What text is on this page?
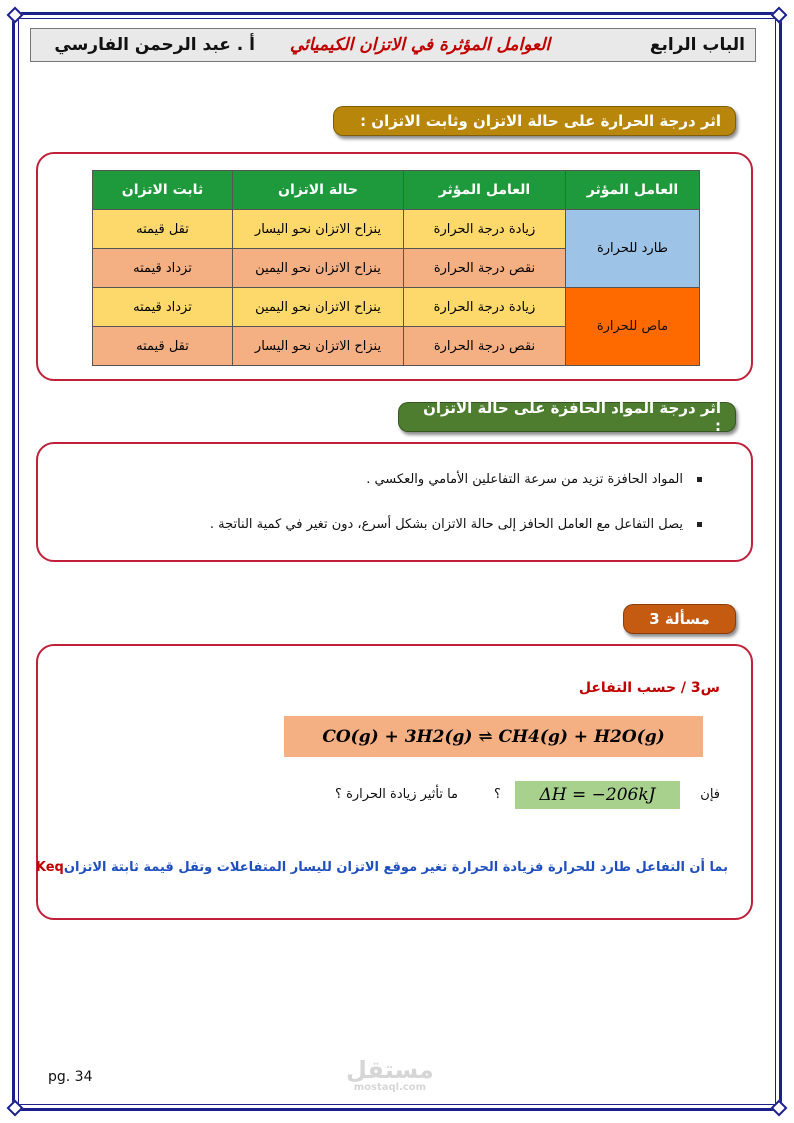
الباب الرابع
العوامل المؤثرة في الاتزان الكيميائي
أ . عبد الرحمن الفارسي
اثر درجة الحرارة على حالة الاتزان وثابت الاتزان :
العامل المؤثر	العامل المؤثر	حالة الاتزان	ثابت الاتزان
طارد للحرارة	زيادة درجة الحرارة	ينزاح الاتزان نحو اليسار	تقل قيمته
	نقص درجة الحرارة	ينزاح الاتزان نحو اليمين	تزداد قيمته
ماص للحرارة	زيادة درجة الحرارة	ينزاح الاتزان نحو اليمين	تزداد قيمته
	نقص درجة الحرارة	ينزاح الاتزان نحو اليسار	تقل قيمته
اثر درجة المواد الحافزة على حالة الاتزان :
المواد الحافزة تزيد من سرعة التفاعلين الأمامي والعكسي .
يصل التفاعل مع العامل الحافز إلى حالة الاتزان بشكل أسرع، دون تغير في كمية الناتجة .
مسألة 3
س3 / حسب التفاعل
CO(g) + 3H2(g) ⇌ CH4(g) + H2O(g)
فإن
ΔH = −206kJ
؟
ما تأثير زيادة الحرارة ؟
بما أن التفاعل طارد للحرارة فزيادة الحرارة تغير موقع الاتزان لليسار المتفاعلات وتقل قيمة ثابتة الاتزانKeq
pg. 34	مستقل
mostaql.com
